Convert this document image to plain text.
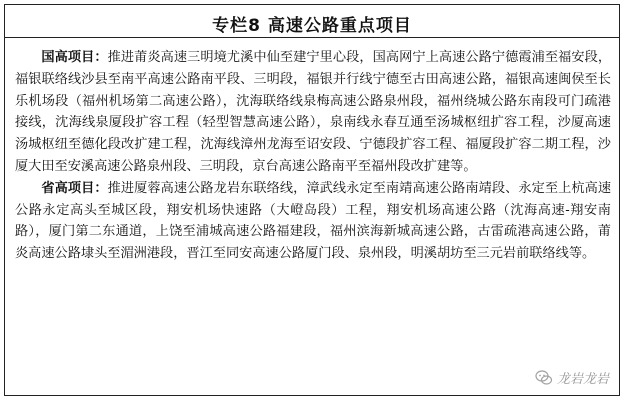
专栏8 高速公路重点项目

国高项目：推进莆炎高速三明境尤溪中仙至建宁里心段，国高网宁上高速公路宁德霞浦至福安段，福银联络线沙县至南平高速公路南平段、三明段，福银并行线宁德至古田高速公路，福银高速闽侯至长乐机场段（福州机场第二高速公路），沈海联络线泉梅高速公路泉州段，福州绕城公路东南段可门疏港接线，沈海线泉厦段扩容工程（轻型智慧高速公路），泉南线永春互通至汤城枢纽扩容工程，沙厦高速汤城枢纽至德化段改扩建工程，沈海线漳州龙海至诏安段、宁德段扩容工程、福厦段扩容二期工程，沙厦大田至安溪高速公路泉州段、三明段，京台高速公路南平至福州段改扩建等。

省高项目：推进厦蓉高速公路龙岩东联络线，漳武线永定至南靖高速公路南靖段、永定至上杭高速公路永定高头至城区段，翔安机场快速路（大嶝岛段）工程，翔安机场高速公路（沈海高速-翔安南路），厦门第二东通道，上饶至浦城高速公路福建段，福州滨海新城高速公路，古雷疏港高速公路，莆炎高速公路埭头至湄洲港段，晋江至同安高速公路厦门段、泉州段，明溪胡坊至三元岩前联络线等。

龙岩龙岩
